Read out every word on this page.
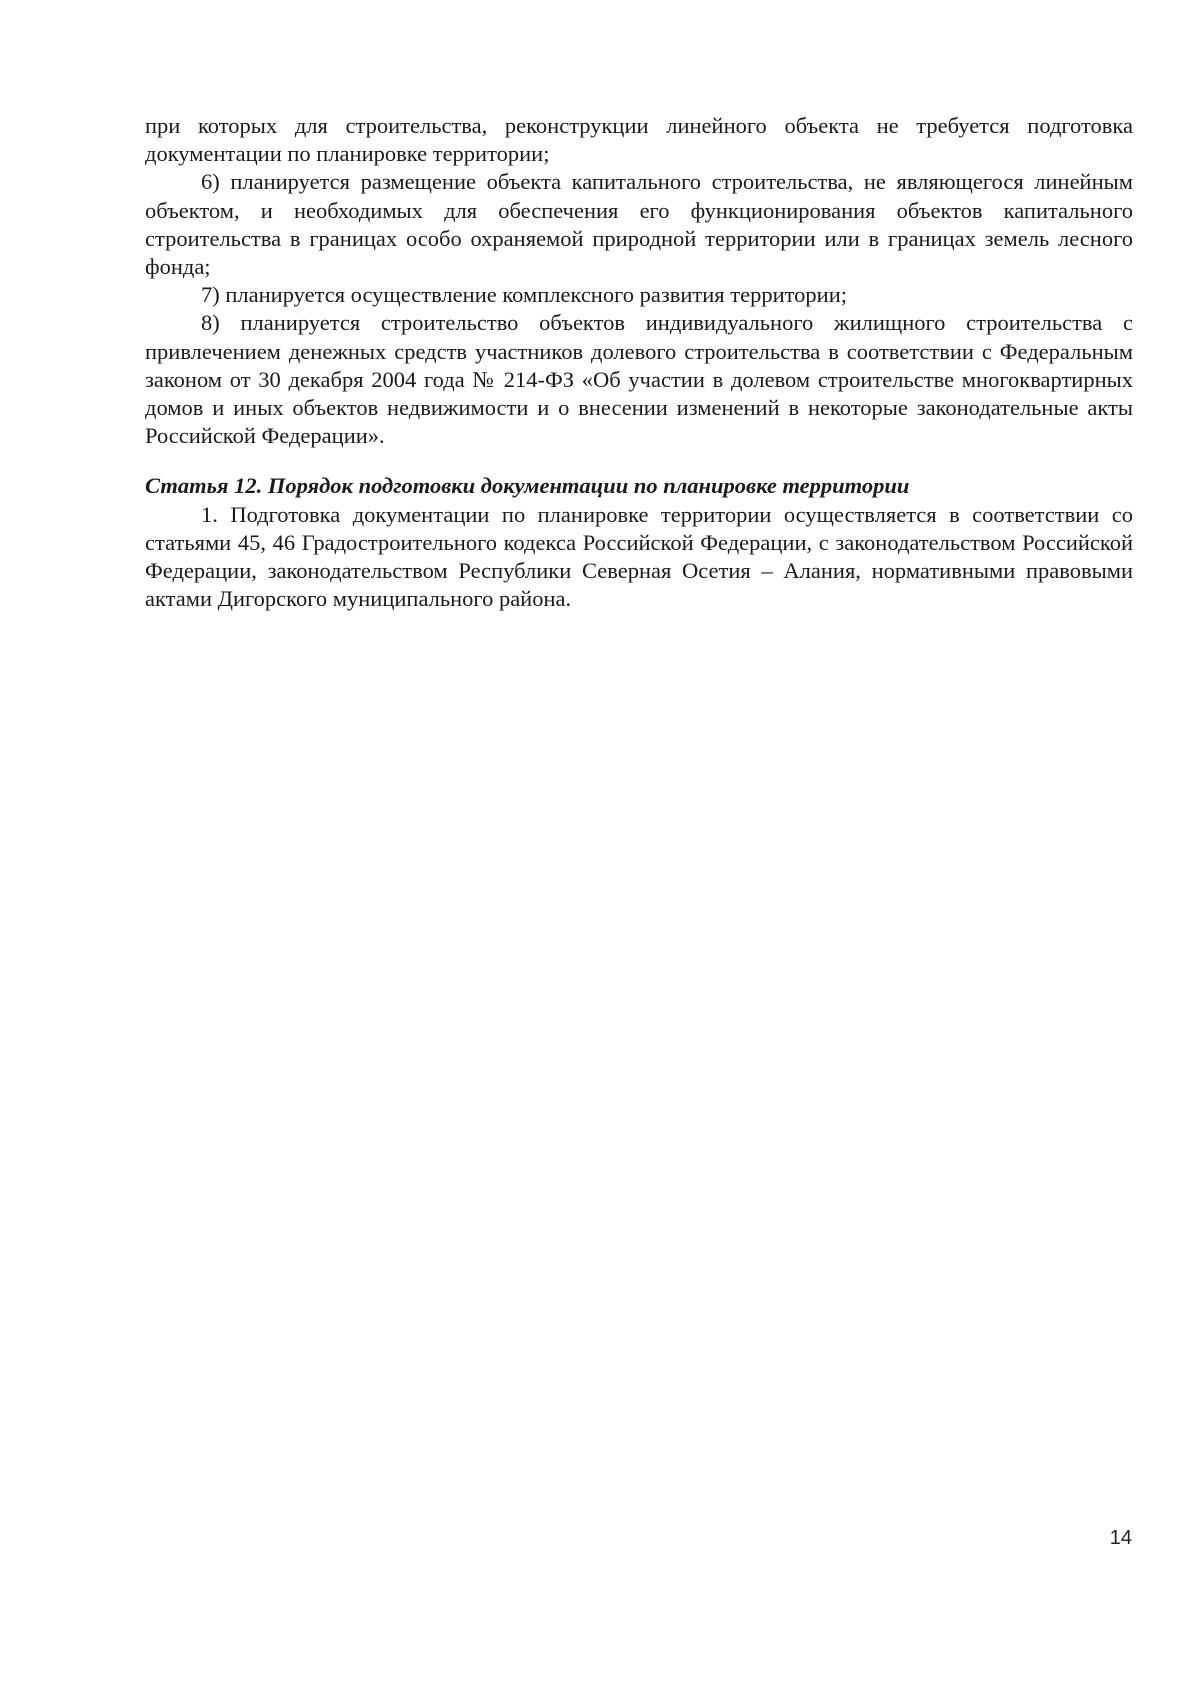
при которых для строительства, реконструкции линейного объекта не требуется подготовка документации по планировке территории;

6) планируется размещение объекта капитального строительства, не являющегося линейным объектом, и необходимых для обеспечения его функционирования объектов капитального строительства в границах особо охраняемой природной территории или в границах земель лесного фонда;

7) планируется осуществление комплексного развития территории;

8) планируется строительство объектов индивидуального жилищного строительства с привлечением денежных средств участников долевого строительства в соответствии с Федеральным законом от 30 декабря 2004 года № 214-ФЗ «Об участии в долевом строительстве многоквартирных домов и иных объектов недвижимости и о внесении изменений в некоторые законодательные акты Российской Федерации».

Статья 12. Порядок подготовки документации по планировке территории

1. Подготовка документации по планировке территории осуществляется в соответствии со статьями 45, 46 Градостроительного кодекса Российской Федерации, с законодательством Российской Федерации, законодательством Республики Северная Осетия – Алания, нормативными правовыми актами Дигорского муниципального района.

14
